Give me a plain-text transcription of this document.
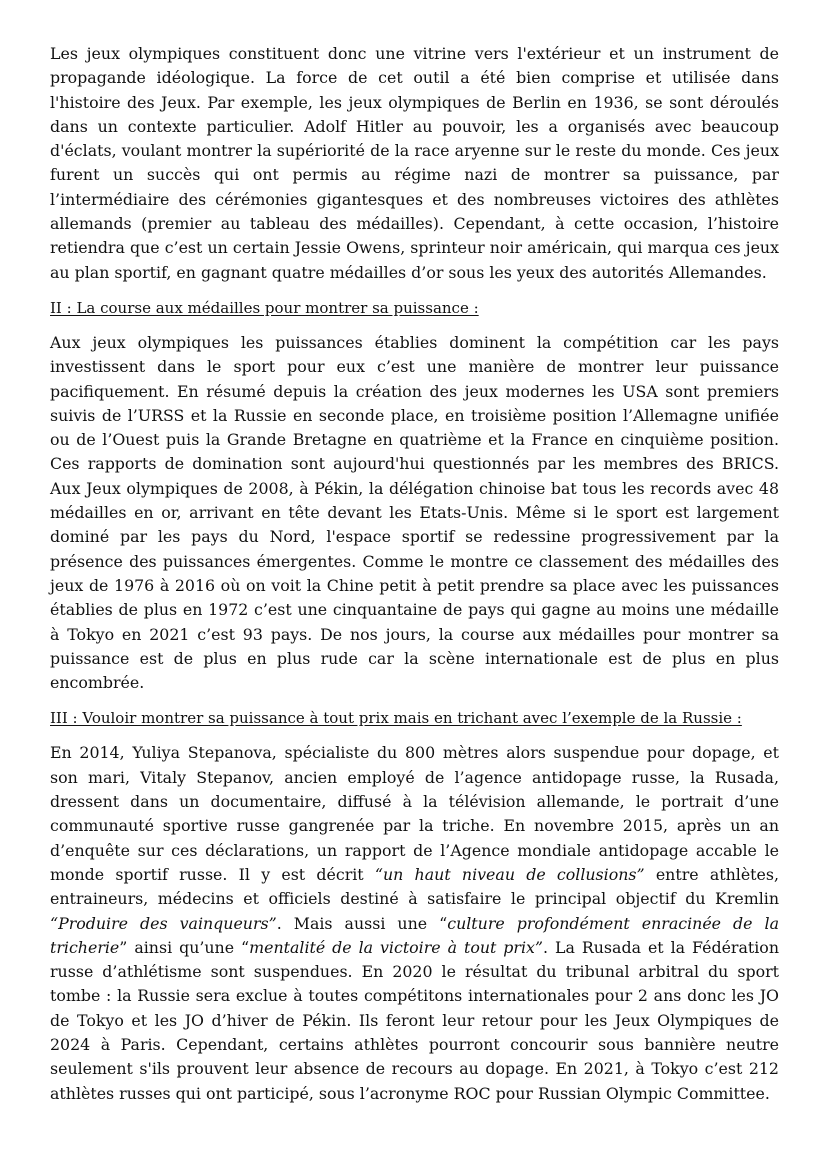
Les jeux olympiques constituent donc une vitrine vers l'extérieur et un instrument de propagande idéologique. La force de cet outil a été bien comprise et utilisée dans l'histoire des Jeux. Par exemple, les jeux olympiques de Berlin en 1936, se sont déroulés dans un contexte particulier. Adolf Hitler au pouvoir, les a organisés avec beaucoup d'éclats, voulant montrer la supériorité de la race aryenne sur le reste du monde. Ces jeux furent un succès qui ont permis au régime nazi de montrer sa puissance, par l’intermédiaire des cérémonies gigantesques et des nombreuses victoires des athlètes allemands (premier au tableau des médailles). Cependant, à cette occasion, l’histoire retiendra que c’est un certain Jessie Owens, sprinteur noir américain, qui marqua ces jeux au plan sportif, en gagnant quatre médailles d’or sous les yeux des autorités Allemandes.

II : La course aux médailles pour montrer sa puissance :

Aux jeux olympiques les puissances établies dominent la compétition car les pays investissent dans le sport pour eux c’est une manière de montrer leur puissance pacifiquement. En résumé depuis la création des jeux modernes les USA sont premiers suivis de l’URSS et la Russie en seconde place, en troisième position l’Allemagne unifiée ou de l’Ouest puis la Grande Bretagne en quatrième et la France en cinquième position. Ces rapports de domination sont aujourd'hui questionnés par les membres des BRICS. Aux Jeux olympiques de 2008, à Pékin, la délégation chinoise bat tous les records avec 48 médailles en or, arrivant en tête devant les Etats-Unis. Même si le sport est largement dominé par les pays du Nord, l'espace sportif se redessine progressivement par la présence des puissances émergentes. Comme le montre ce classement des médailles des jeux de 1976 à 2016 où on voit la Chine petit à petit prendre sa place avec les puissances établies de plus en 1972 c’est une cinquantaine de pays qui gagne au moins une médaille à Tokyo en 2021 c’est 93 pays. De nos jours, la course aux médailles pour montrer sa puissance est de plus en plus rude car la scène internationale est de plus en plus encombrée.

III : Vouloir montrer sa puissance à tout prix mais en trichant avec l’exemple de la Russie :

En 2014, Yuliya Stepanova, spécialiste du 800 mètres alors suspendue pour dopage, et son mari, Vitaly Stepanov, ancien employé de l’agence antidopage russe, la Rusada, dressent dans un documentaire, diffusé à la télévision allemande, le portrait d’une communauté sportive russe gangrenée par la triche. En novembre 2015, après un an d’enquête sur ces déclarations, un rapport de l’Agence mondiale antidopage accable le monde sportif russe. Il y est décrit “un haut niveau de collusions” entre athlètes, entraineurs, médecins et officiels destiné à satisfaire le principal objectif du Kremlin “Produire des vainqueurs”. Mais aussi une “culture profondément enracinée de la tricherie” ainsi qu’une “mentalité de la victoire à tout prix”. La Rusada et la Fédération russe d’athlétisme sont suspendues. En 2020 le résultat du tribunal arbitral du sport tombe : la Russie sera exclue à toutes compétitons internationales pour 2 ans donc les JO de Tokyo et les JO d’hiver de Pékin. Ils feront leur retour pour les Jeux Olympiques de 2024 à Paris. Cependant, certains athlètes pourront concourir sous bannière neutre seulement s'ils prouvent leur absence de recours au dopage. En 2021, à Tokyo c’est 212 athlètes russes qui ont participé, sous l’acronyme ROC pour Russian Olympic Committee.
